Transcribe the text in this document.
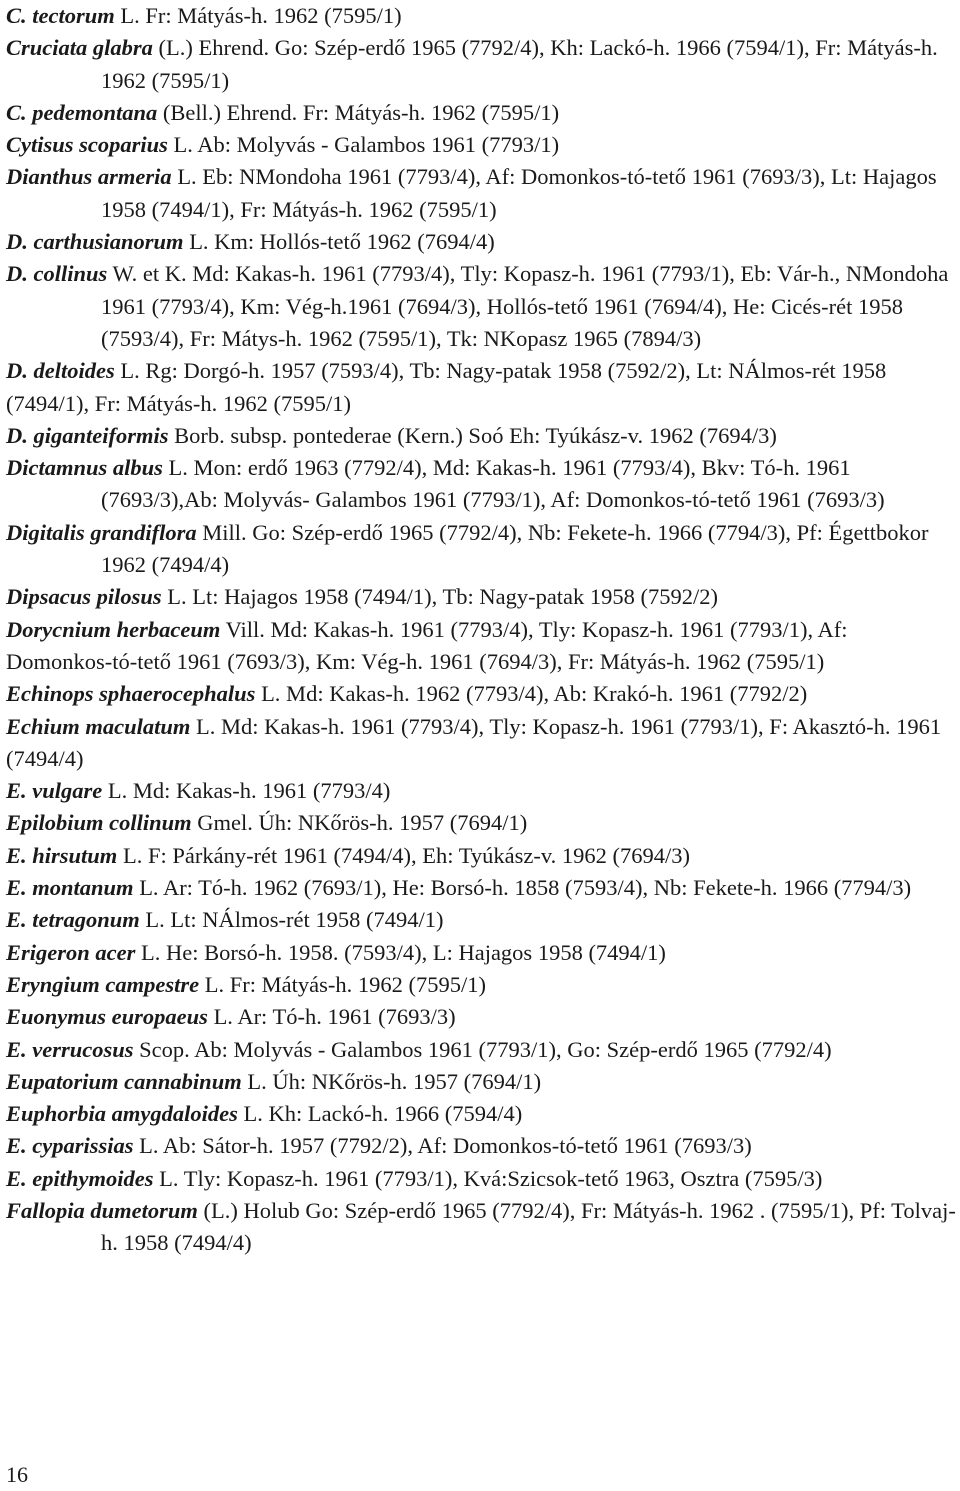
C. tectorum L. Fr: Mátyás-h. 1962 (7595/1)
Cruciata glabra (L.) Ehrend. Go: Szép-erdő 1965 (7792/4), Kh: Lackó-h. 1966 (7594/1), Fr: Mátyás-h. 1962 (7595/1)
C. pedemontana (Bell.) Ehrend. Fr: Mátyás-h. 1962 (7595/1)
Cytisus scoparius L. Ab: Molyvás - Galambos 1961 (7793/1)
Dianthus armeria L. Eb: NMondoha 1961 (7793/4), Af: Domonkos-tó-tető 1961 (7693/3), Lt: Hajagos 1958 (7494/1), Fr: Mátyás-h. 1962 (7595/1)
D. carthusianorum L. Km: Hollós-tető 1962 (7694/4)
D. collinus W. et K. Md: Kakas-h. 1961 (7793/4), Tly: Kopasz-h. 1961 (7793/1), Eb: Vár-h., NMondoha 1961 (7793/4), Km: Vég-h.1961 (7694/3), Hollós-tető 1961 (7694/4), He: Cicés-rét 1958 (7593/4), Fr: Mátys-h. 1962 (7595/1), Tk: NKopasz 1965 (7894/3)
D. deltoides L. Rg: Dorgó-h. 1957 (7593/4), Tb: Nagy-patak 1958 (7592/2), Lt: NÁlmos-rét 1958 (7494/1), Fr: Mátyás-h. 1962 (7595/1)
D. giganteiformis Borb. subsp. pontederae (Kern.) Soó Eh: Tyúkász-v. 1962 (7694/3)
Dictamnus albus L. Mon: erdő 1963 (7792/4), Md: Kakas-h. 1961 (7793/4), Bkv: Tó-h. 1961 (7693/3),Ab: Molyvás- Galambos 1961 (7793/1), Af: Domonkos-tó-tető 1961 (7693/3)
Digitalis grandiflora Mill. Go: Szép-erdő 1965 (7792/4), Nb: Fekete-h. 1966 (7794/3), Pf: Égettbokor 1962 (7494/4)
Dipsacus pilosus L. Lt: Hajagos 1958 (7494/1), Tb: Nagy-patak 1958 (7592/2)
Dorycnium herbaceum Vill. Md: Kakas-h. 1961 (7793/4), Tly: Kopasz-h. 1961 (7793/1), Af: Domonkos-tó-tető 1961 (7693/3), Km: Vég-h. 1961 (7694/3), Fr: Mátyás-h. 1962 (7595/1)
Echinops sphaerocephalus L. Md: Kakas-h. 1962 (7793/4), Ab: Krakó-h. 1961 (7792/2)
Echium maculatum L. Md: Kakas-h. 1961 (7793/4), Tly: Kopasz-h. 1961 (7793/1), F: Akasztó-h. 1961 (7494/4)
E. vulgare L. Md: Kakas-h. 1961 (7793/4)
Epilobium collinum Gmel. Úh: NKőrös-h. 1957 (7694/1)
E. hirsutum L. F: Párkány-rét 1961 (7494/4), Eh: Tyúkász-v. 1962 (7694/3)
E. montanum L. Ar: Tó-h. 1962 (7693/1), He: Borsó-h. 1858 (7593/4), Nb: Fekete-h. 1966 (7794/3)
E. tetragonum L. Lt: NÁlmos-rét 1958 (7494/1)
Erigeron acer L. He: Borsó-h. 1958. (7593/4), L: Hajagos 1958 (7494/1)
Eryngium campestre L. Fr: Mátyás-h. 1962 (7595/1)
Euonymus europaeus L. Ar: Tó-h. 1961 (7693/3)
E. verrucosus Scop. Ab: Molyvás - Galambos 1961 (7793/1), Go: Szép-erdő 1965 (7792/4)
Eupatorium cannabinum L. Úh: NKőrös-h. 1957 (7694/1)
Euphorbia amygdaloides L. Kh: Lackó-h. 1966 (7594/4)
E. cyparissias L. Ab: Sátor-h. 1957 (7792/2), Af: Domonkos-tó-tető 1961 (7693/3)
E. epithymoides L. Tly: Kopasz-h. 1961 (7793/1), Kvá:Szicsok-tető 1963, Osztra (7595/3)
Fallopia dumetorum (L.) Holub Go: Szép-erdő 1965 (7792/4), Fr: Mátyás-h. 1962 . (7595/1), Pf: Tolvaj-h. 1958 (7494/4)
16
